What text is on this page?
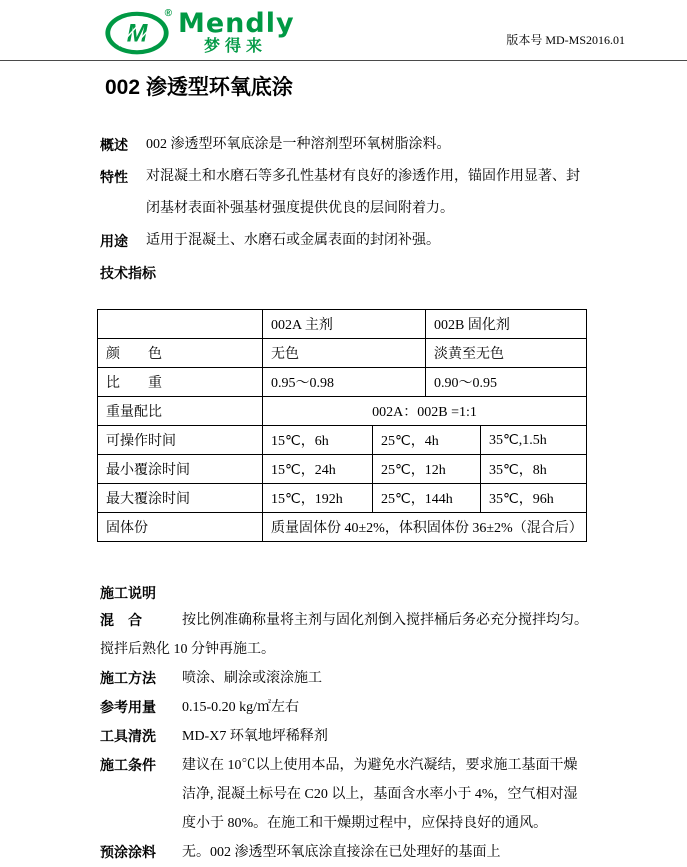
M
® Mendly
梦得来	版本号 MD-MS2016.01
002 渗透型环氧底涂
概述	002 渗透型环氧底涂是一种溶剂型环氧树脂涂料。
特性	对混凝土和水磨石等多孔性基材有良好的渗透作用，锚固作用显著、封闭基材表面补强基材强度提供优良的层间附着力。
用途	适用于混凝土、水磨石或金属表面的封闭补强。
技术指标
	002A 主剂		002B 固化剂	
颜　　色	无色		淡黄至无色	
比　　重	0.95～0.98		0.90～0.95	
重量配比	002A：002B =1:1			
可操作时间	15℃，6h	25℃，4h		35℃,1.5h
最小覆涂时间	15℃，24h	25℃，12h		35℃，8h
最大覆涂时间	15℃，192h	25℃，144h		35℃，96h
固体份	质量固体份 40±2%，体积固体份 36±2%（混合后）			
施工说明
混　合	按比例准确称量将主剂与固化剂倒入搅拌桶后务必充分搅拌均匀。
搅拌后熟化 10 分钟再施工。
施工方法	喷涂、刷涂或滚涂施工
参考用量	0.15-0.20 kg/㎡左右
工具清洗	MD-X7 环氧地坪稀释剂
施工条件	建议在 10℃以上使用本品，为避免水汽凝结，要求施工基面干燥洁净, 混凝土标号在 C20 以上，基面含水率小于 4%，空气相对湿度小于 80%。在施工和干燥期过程中，应保持良好的通风。
预涂涂料	无。002 渗透型环氧底涂直接涂在已处理好的基面上
